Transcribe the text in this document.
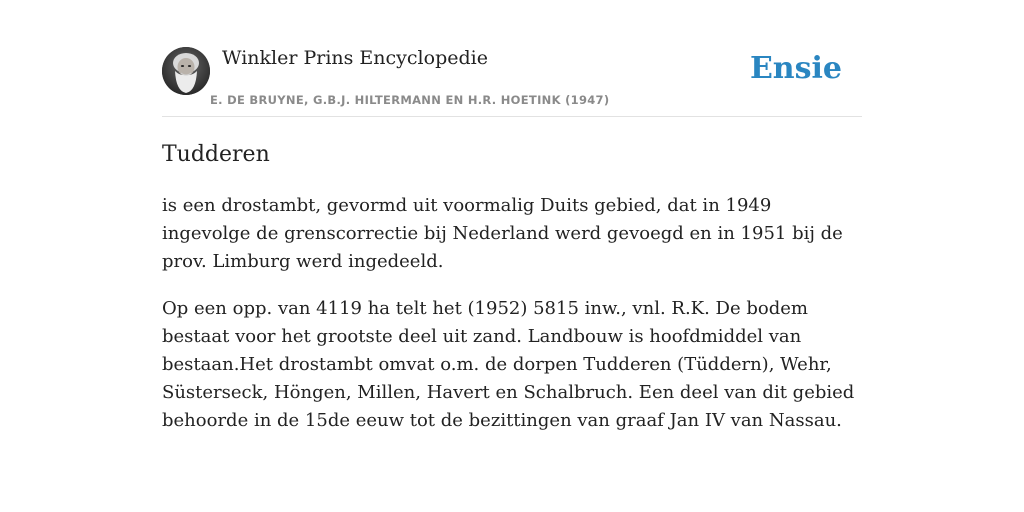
Winkler Prins Encyclopedie
E. DE BRUYNE, G.B.J. HILTERMANN EN H.R. HOETINK (1947)
Ensie
Tudderen

is een drostambt, gevormd uit voormalig Duits gebied, dat in 1949 ingevolge de grenscorrectie bij Nederland werd gevoegd en in 1951 bij de prov. Limburg werd ingedeeld.

Op een opp. van 4119 ha telt het (1952) 5815 inw., vnl. R.K. De bodem bestaat voor het grootste deel uit zand. Landbouw is hoofdmiddel van bestaan.Het drostambt omvat o.m. de dorpen Tudderen (Tüddern), Wehr, Süsterseck, Höngen, Millen, Havert en Schalbruch. Een deel van dit gebied behoorde in de 15de eeuw tot de bezittingen van graaf Jan IV van Nassau.
